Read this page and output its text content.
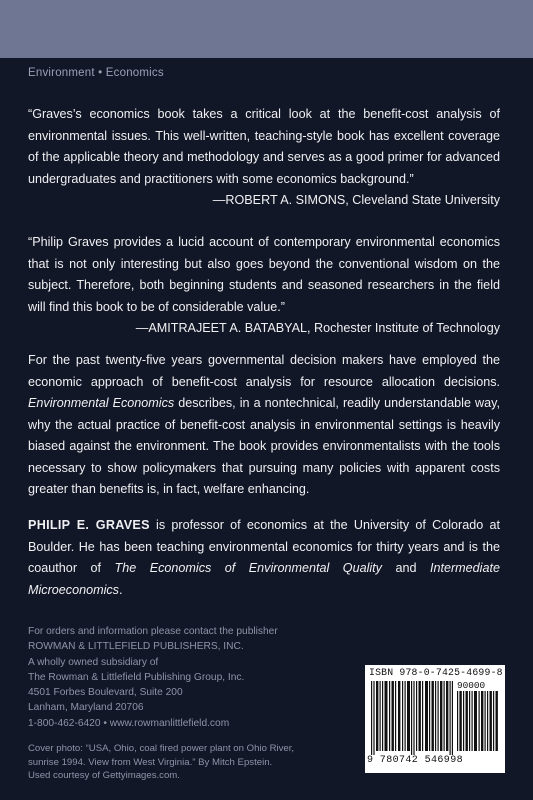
Environment • Economics
“Graves’s economics book takes a critical look at the benefit-cost analysis of environmental issues. This well-written, teaching-style book has excellent coverage of the applicable theory and methodology and serves as a good primer for advanced undergraduates and practitioners with some economics background.”
—ROBERT A. SIMONS, Cleveland State University
“Philip Graves provides a lucid account of contemporary environmental economics that is not only interesting but also goes beyond the conventional wisdom on the subject. Therefore, both beginning students and seasoned researchers in the field will find this book to be of considerable value.”
—AMITRAJEET A. BATABYAL, Rochester Institute of Technology
For the past twenty-five years governmental decision makers have employed the economic approach of benefit-cost analysis for resource allocation decisions. Environmental Economics describes, in a nontechnical, readily understandable way, why the actual practice of benefit-cost analysis in environmental settings is heavily biased against the environment. The book provides environmentalists with the tools necessary to show policymakers that pursuing many policies with apparent costs greater than benefits is, in fact, welfare enhancing.
PHILIP E. GRAVES is professor of economics at the University of Colorado at Boulder. He has been teaching environmental economics for thirty years and is the coauthor of The Economics of Environmental Quality and Intermediate Microeconomics.
For orders and information please contact the publisher
ROWMAN & LITTLEFIELD PUBLISHERS, INC.
A wholly owned subsidiary of
The Rowman & Littlefield Publishing Group, Inc.
4501 Forbes Boulevard, Suite 200
Lanham, Maryland 20706
1-800-462-6420 • www.rowmanlittlefield.com
Cover photo: “USA, Ohio, coal fired power plant on Ohio River,
sunrise 1994. View from West Virginia.” By Mitch Epstein.
Used courtesy of Gettyimages.com.
ISBN 978-0-7425-4699-8
90000
9 780742 546998
